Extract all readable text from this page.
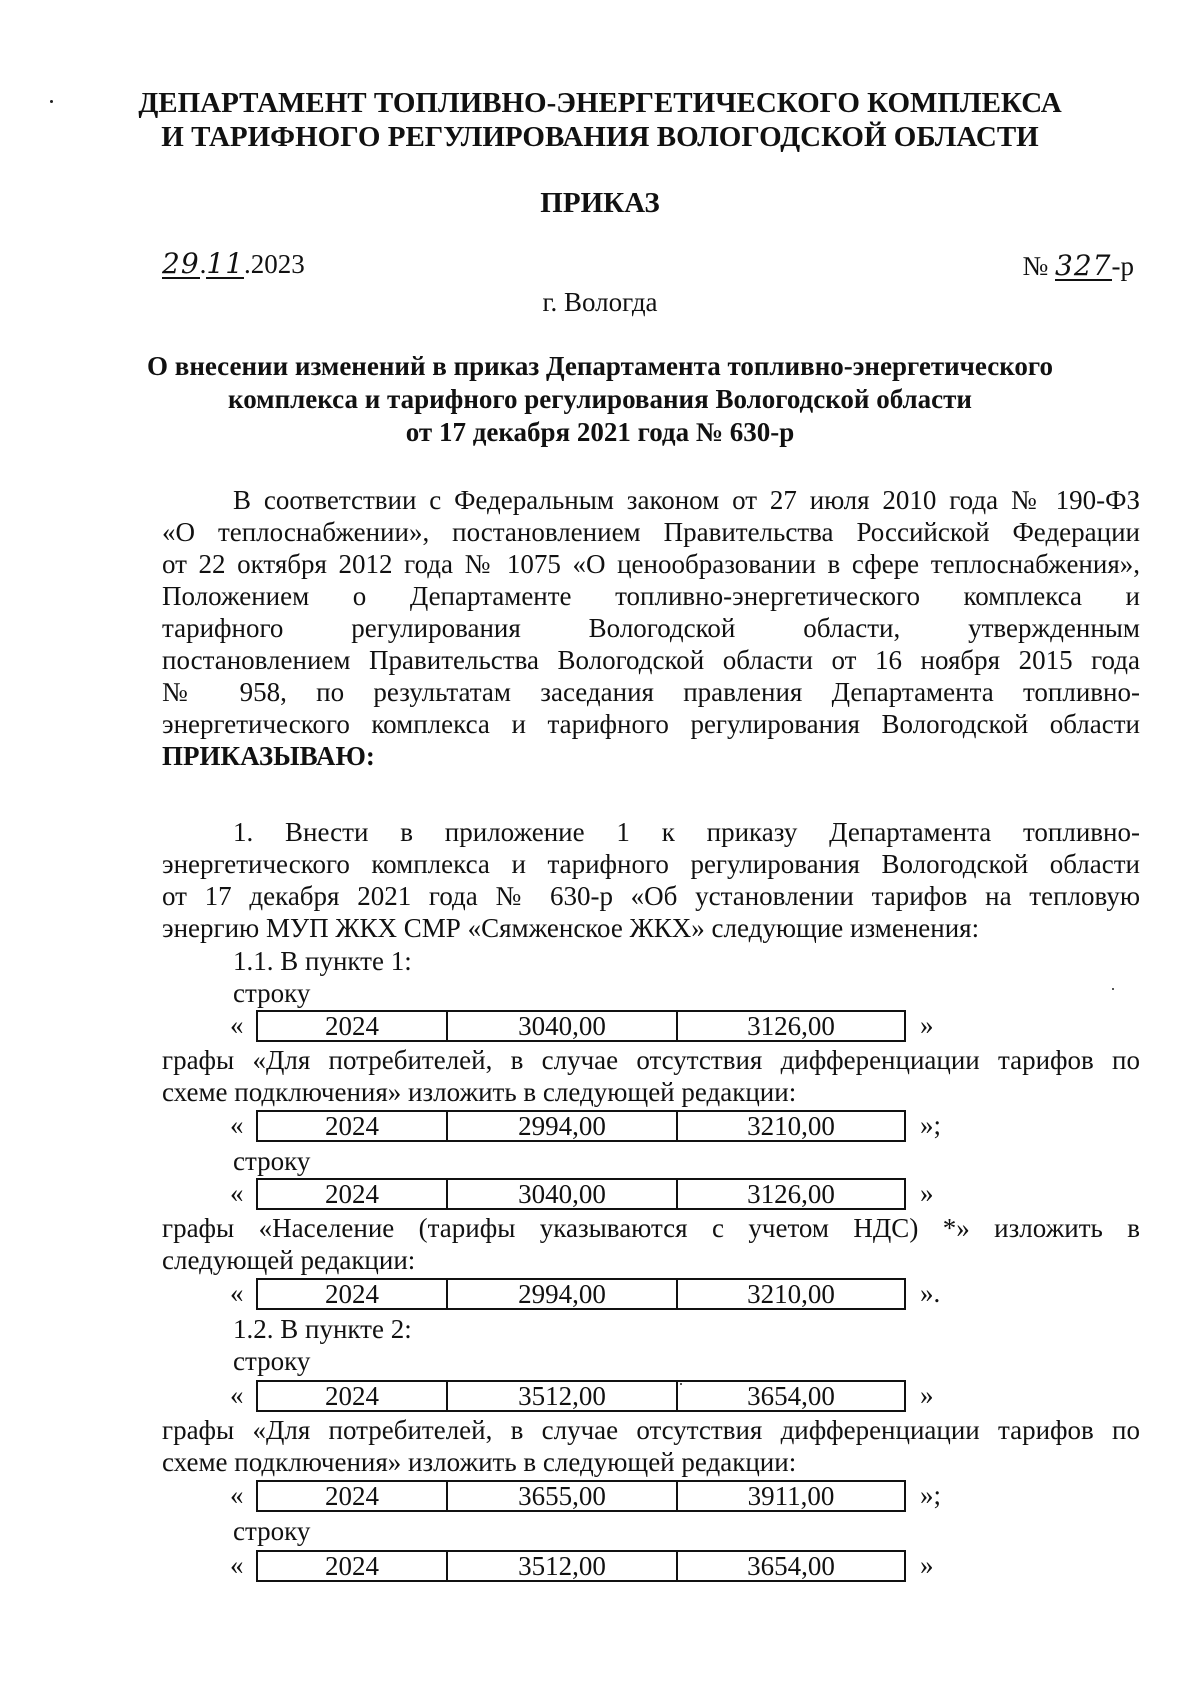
ДЕПАРТАМЕНТ ТОПЛИВНО-ЭНЕРГЕТИЧЕСКОГО КОМПЛЕКСА
И ТАРИФНОГО РЕГУЛИРОВАНИЯ ВОЛОГОДСКОЙ ОБЛАСТИ
ПРИКАЗ
29.11.2023	№ 327-р
г. Вологда
О внесении изменений в приказ Департамента топливно-энергетического
комплекса и тарифного регулирования Вологодской области
от 17 декабря 2021 года № 630-р
В соответствии с Федеральным законом от 27 июля 2010 года № 190-ФЗ
«О теплоснабжении», постановлением Правительства Российской Федерации
от 22 октября 2012 года № 1075 «О ценообразовании в сфере теплоснабжения»,
Положением о Департаменте топливно-энергетического комплекса и
тарифного регулирования Вологодской области, утвержденным
постановлением Правительства Вологодской области от 16 ноября 2015 года
№ 958, по результатам заседания правления Департамента топливно-
энергетического комплекса и тарифного регулирования Вологодской области
ПРИКАЗЫВАЮ:
1. Внести в приложение 1 к приказу Департамента топливно-
энергетического комплекса и тарифного регулирования Вологодской области
от 17 декабря 2021 года № 630-р «Об установлении тарифов на тепловую
энергию МУП ЖКХ СМР «Сямженское ЖКХ» следующие изменения:
1.1. В пункте 1:
строку
«	2024	3040,00	3126,00	»
графы «Для потребителей, в случае отсутствия дифференциации тарифов по
схеме подключения» изложить в следующей редакции:
«	2024	2994,00	3210,00	»;
строку
«	2024	3040,00	3126,00	»
графы «Население (тарифы указываются с учетом НДС) *» изложить в
следующей редакции:
«	2024	2994,00	3210,00	».
1.2. В пункте 2:
строку
«	2024	3512,00	3654,00	»
графы «Для потребителей, в случае отсутствия дифференциации тарифов по
схеме подключения» изложить в следующей редакции:
«	2024	3655,00	3911,00	»;
строку
«	2024	3512,00	3654,00	»
